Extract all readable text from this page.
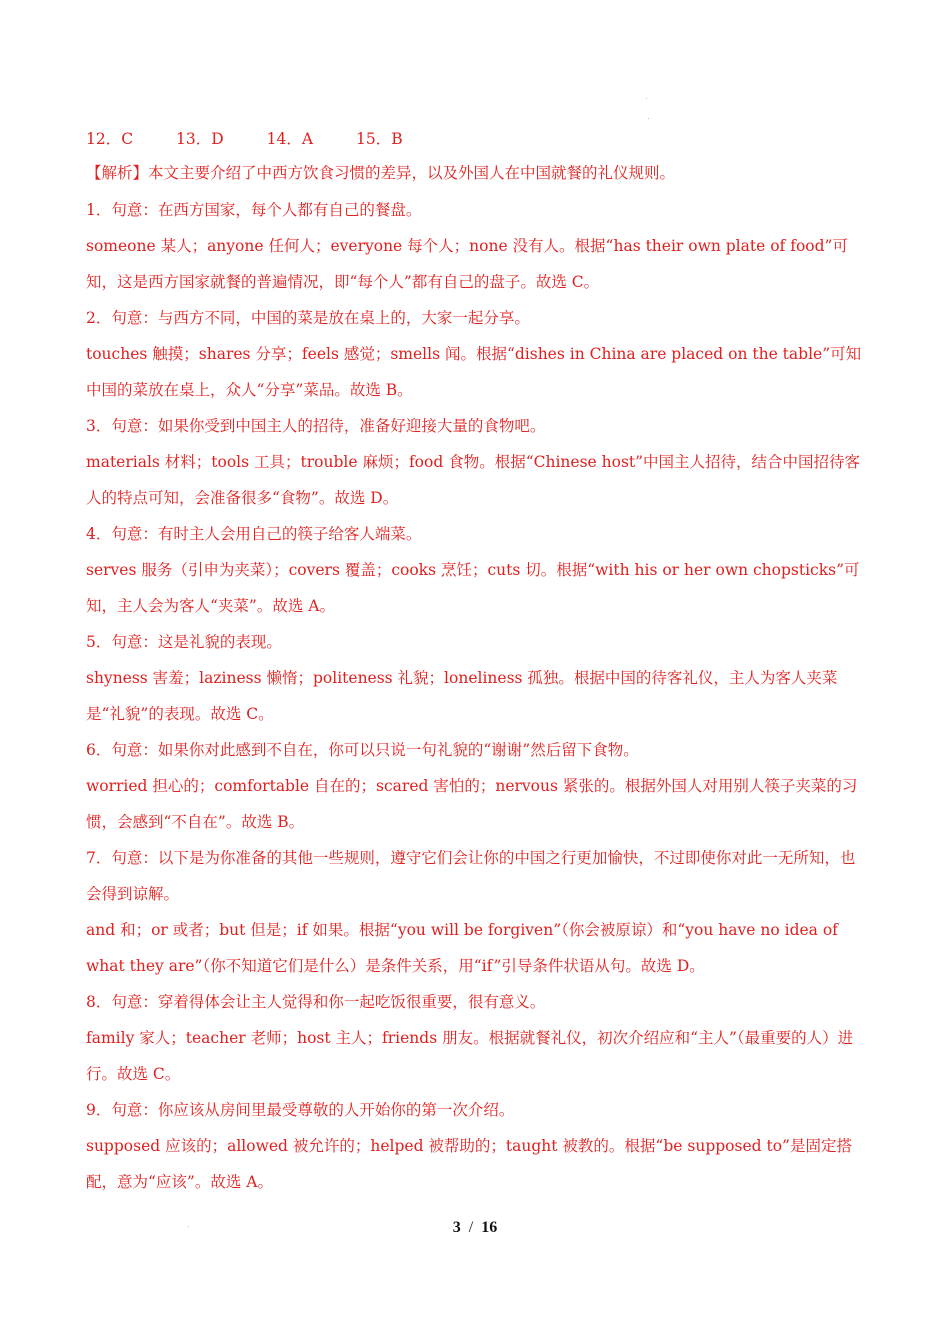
12．C	13．D	14．A	15．B

【解析】本文主要介绍了中西方饮食习惯的差异，以及外国人在中国就餐的礼仪规则。

1．句意：在西方国家，每个人都有自己的餐盘。

someone 某人；anyone 任何人；everyone 每个人；none 没有人。根据“has their own plate of food”可知，这是西方国家就餐的普遍情况，即“每个人”都有自己的盘子。故选 C。

2．句意：与西方不同，中国的菜是放在桌上的，大家一起分享。

touches 触摸；shares 分享；feels 感觉；smells 闻。根据“dishes in China are placed on the table”可知中国的菜放在桌上，众人“分享”菜品。故选 B。

3．句意：如果你受到中国主人的招待，准备好迎接大量的食物吧。

materials 材料；tools 工具；trouble 麻烦；food 食物。根据“Chinese host”中国主人招待，结合中国招待客人的特点可知，会准备很多“食物”。故选 D。

4．句意：有时主人会用自己的筷子给客人端菜。

serves 服务（引申为夹菜）；covers 覆盖；cooks 烹饪；cuts 切。根据“with his or her own chopsticks”可知，主人会为客人“夹菜”。故选 A。

5．句意：这是礼貌的表现。

shyness 害羞；laziness 懒惰；politeness 礼貌；loneliness 孤独。根据中国的待客礼仪，主人为客人夹菜是“礼貌”的表现。故选 C。

6．句意：如果你对此感到不自在，你可以只说一句礼貌的“谢谢”然后留下食物。

worried 担心的；comfortable 自在的；scared 害怕的；nervous 紧张的。根据外国人对用别人筷子夹菜的习惯，会感到“不自在”。故选 B。

7．句意：以下是为你准备的其他一些规则，遵守它们会让你的中国之行更加愉快，不过即使你对此一无所知，也会得到谅解。

and 和；or 或者；but 但是；if 如果。根据“you will be forgiven”（你会被原谅）和“you have no idea of what they are”（你不知道它们是什么）是条件关系，用“if”引导条件状语从句。故选 D。

8．句意：穿着得体会让主人觉得和你一起吃饭很重要，很有意义。

family 家人；teacher 老师；host 主人；friends 朋友。根据就餐礼仪，初次介绍应和“主人”（最重要的人）进行。故选 C。

9．句意：你应该从房间里最受尊敬的人开始你的第一次介绍。

supposed 应该的；allowed 被允许的；helped 被帮助的；taught 被教的。根据“be supposed to”是固定搭配，意为“应该”。故选 A。

3 / 16
